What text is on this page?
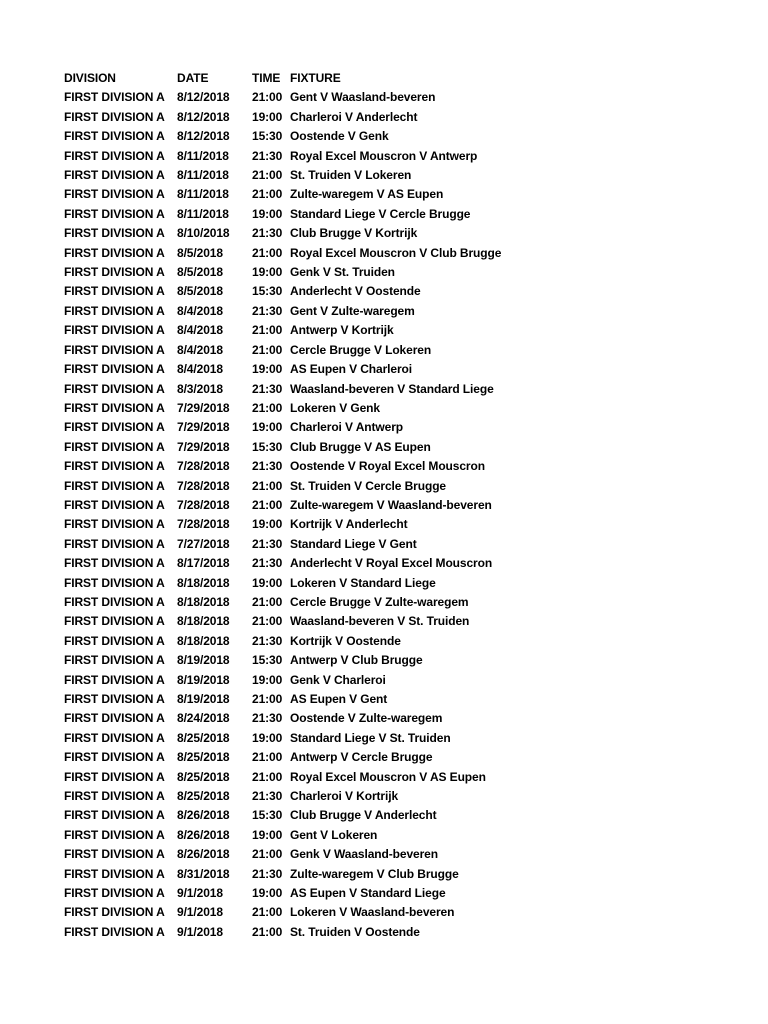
DIVISION	DATE	TIME	FIXTURE
FIRST DIVISION A	8/12/2018	21:00	Gent V Waasland-beveren
FIRST DIVISION A	8/12/2018	19:00	Charleroi V Anderlecht
FIRST DIVISION A	8/12/2018	15:30	Oostende V Genk
FIRST DIVISION A	8/11/2018	21:30	Royal Excel Mouscron V Antwerp
FIRST DIVISION A	8/11/2018	21:00	St. Truiden V Lokeren
FIRST DIVISION A	8/11/2018	21:00	Zulte-waregem V AS Eupen
FIRST DIVISION A	8/11/2018	19:00	Standard Liege V Cercle Brugge
FIRST DIVISION A	8/10/2018	21:30	Club Brugge V Kortrijk
FIRST DIVISION A	8/5/2018	21:00	Royal Excel Mouscron V Club Brugge
FIRST DIVISION A	8/5/2018	19:00	Genk V St. Truiden
FIRST DIVISION A	8/5/2018	15:30	Anderlecht V Oostende
FIRST DIVISION A	8/4/2018	21:30	Gent V Zulte-waregem
FIRST DIVISION A	8/4/2018	21:00	Antwerp V Kortrijk
FIRST DIVISION A	8/4/2018	21:00	Cercle Brugge V Lokeren
FIRST DIVISION A	8/4/2018	19:00	AS Eupen V Charleroi
FIRST DIVISION A	8/3/2018	21:30	Waasland-beveren V Standard Liege
FIRST DIVISION A	7/29/2018	21:00	Lokeren V Genk
FIRST DIVISION A	7/29/2018	19:00	Charleroi V Antwerp
FIRST DIVISION A	7/29/2018	15:30	Club Brugge V AS Eupen
FIRST DIVISION A	7/28/2018	21:30	Oostende V Royal Excel Mouscron
FIRST DIVISION A	7/28/2018	21:00	St. Truiden V Cercle Brugge
FIRST DIVISION A	7/28/2018	21:00	Zulte-waregem V Waasland-beveren
FIRST DIVISION A	7/28/2018	19:00	Kortrijk V Anderlecht
FIRST DIVISION A	7/27/2018	21:30	Standard Liege V Gent
FIRST DIVISION A	8/17/2018	21:30	Anderlecht V Royal Excel Mouscron
FIRST DIVISION A	8/18/2018	19:00	Lokeren V Standard Liege
FIRST DIVISION A	8/18/2018	21:00	Cercle Brugge V Zulte-waregem
FIRST DIVISION A	8/18/2018	21:00	Waasland-beveren V St. Truiden
FIRST DIVISION A	8/18/2018	21:30	Kortrijk V Oostende
FIRST DIVISION A	8/19/2018	15:30	Antwerp V Club Brugge
FIRST DIVISION A	8/19/2018	19:00	Genk V Charleroi
FIRST DIVISION A	8/19/2018	21:00	AS Eupen V Gent
FIRST DIVISION A	8/24/2018	21:30	Oostende V Zulte-waregem
FIRST DIVISION A	8/25/2018	19:00	Standard Liege V St. Truiden
FIRST DIVISION A	8/25/2018	21:00	Antwerp V Cercle Brugge
FIRST DIVISION A	8/25/2018	21:00	Royal Excel Mouscron V AS Eupen
FIRST DIVISION A	8/25/2018	21:30	Charleroi V Kortrijk
FIRST DIVISION A	8/26/2018	15:30	Club Brugge V Anderlecht
FIRST DIVISION A	8/26/2018	19:00	Gent V Lokeren
FIRST DIVISION A	8/26/2018	21:00	Genk V Waasland-beveren
FIRST DIVISION A	8/31/2018	21:30	Zulte-waregem V Club Brugge
FIRST DIVISION A	9/1/2018	19:00	AS Eupen V Standard Liege
FIRST DIVISION A	9/1/2018	21:00	Lokeren V Waasland-beveren
FIRST DIVISION A	9/1/2018	21:00	St. Truiden V Oostende
